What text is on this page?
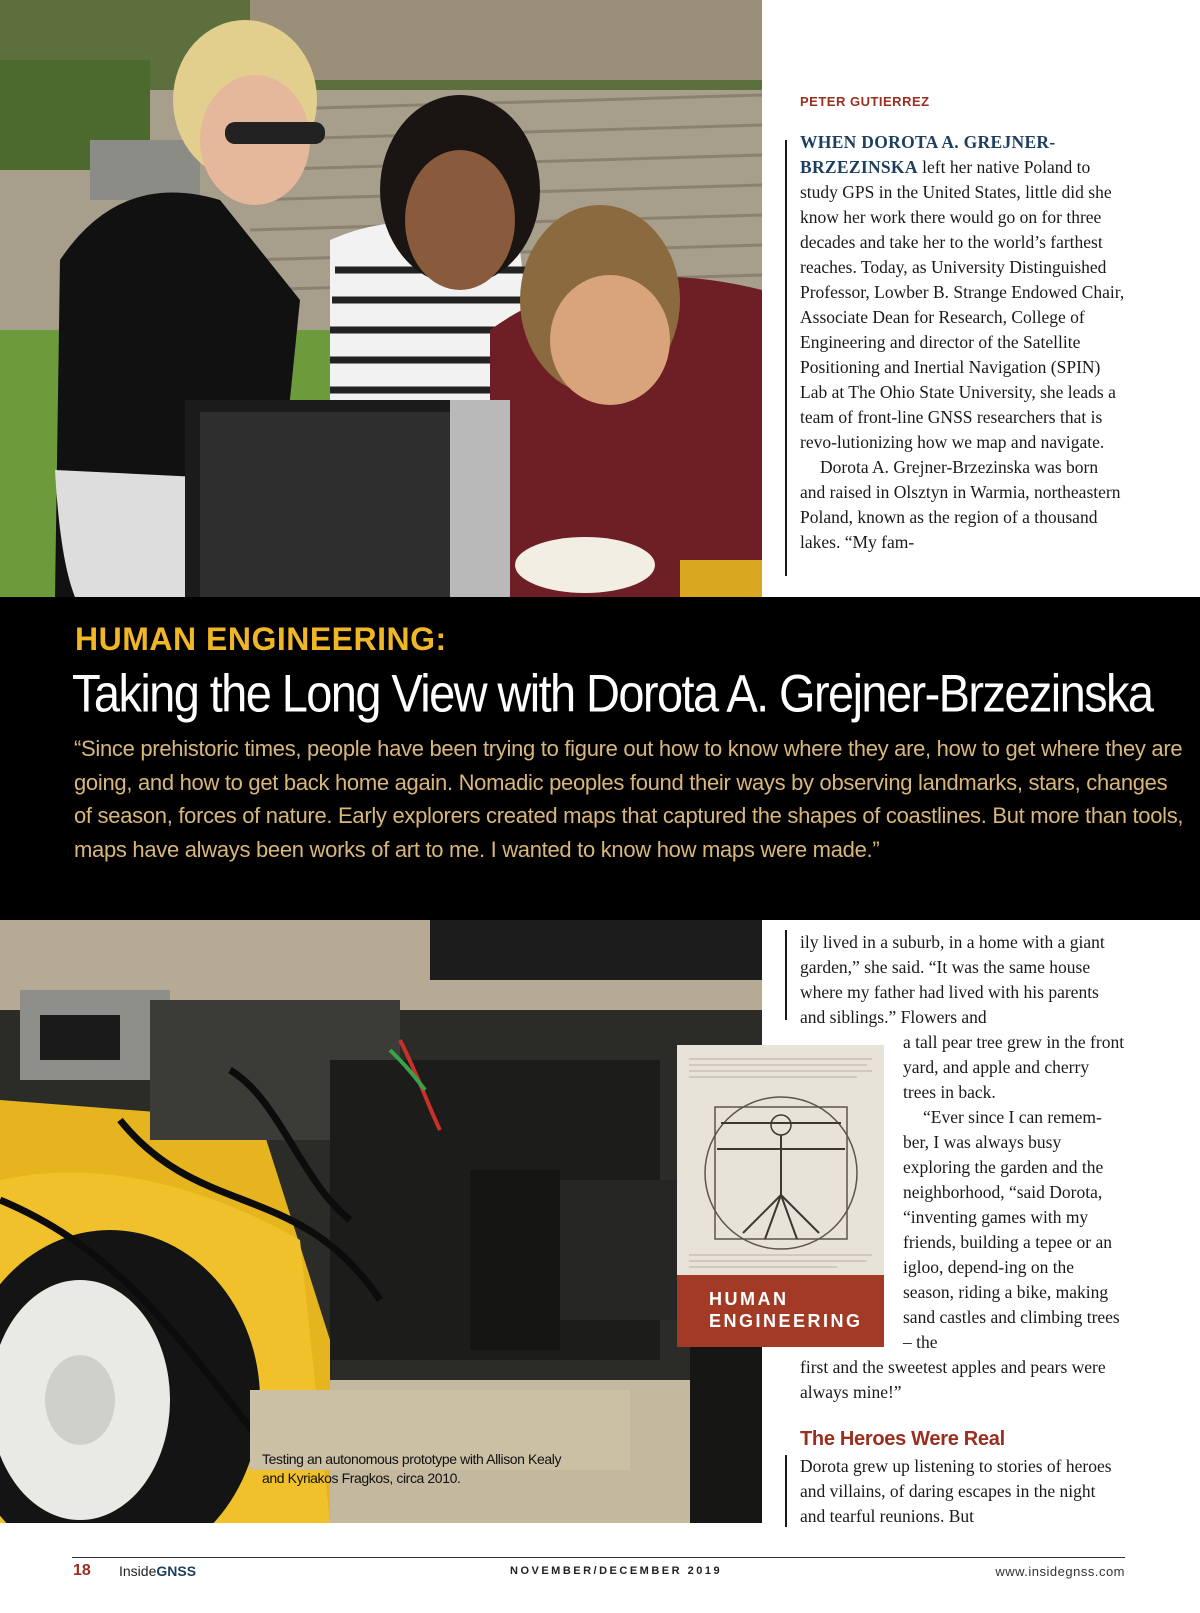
PETER GUTIERREZ

WHEN DOROTA A. GREJNER-BRZEZINSKA left her native Poland to study GPS in the United States, little did she know her work there would go on for three decades and take her to the world’s farthest reaches. Today, as University Distinguished Professor, Lowber B. Strange Endowed Chair, Associate Dean for Research, College of Engineering and director of the Satellite Positioning and Inertial Navigation (SPIN) Lab at The Ohio State University, she leads a team of front-line GNSS researchers that is revo-lutionizing how we map and navigate.

Dorota A. Grejner-Brzezinska was born and raised in Olsztyn in Warmia, northeastern Poland, known as the region of a thousand lakes. “My fam-

HUMAN ENGINEERING:
Taking the Long View with Dorota A. Grejner-Brzezinska
“Since prehistoric times, people have been trying to figure out how to know where they are, how to get where they are going, and how to get back home again. Nomadic peoples found their ways by observing landmarks, stars, changes of season, forces of nature. Early explorers created maps that captured the shapes of coastlines. But more than tools, maps have always been works of art to me. I wanted to know how maps were made.”
Testing an autonomous prototype with Allison Kealy and Kyriakos Fragkos, circa 2010.
ily lived in a suburb, in a home with a giant garden,” she said. “It was the same house where my father had lived with his parents and siblings.” Flowers and
HUMAN
ENGINEERING

a tall pear tree grew in the front yard, and apple and cherry trees in back.

“Ever since I can remem-ber, I was always busy exploring the garden and the neighborhood, “said Dorota, “inventing games with my friends, building a tepee or an igloo, depend-ing on the season, riding a bike, making sand castles and climbing trees – the

first and the sweetest apples and pears were always mine!”
The Heroes Were Real
Dorota grew up listening to stories of heroes and villains, of daring escapes in the night and tearful reunions. But
18 InsideGNSS	NOVEMBER/DECEMBER 2019	www.insidegnss.com
